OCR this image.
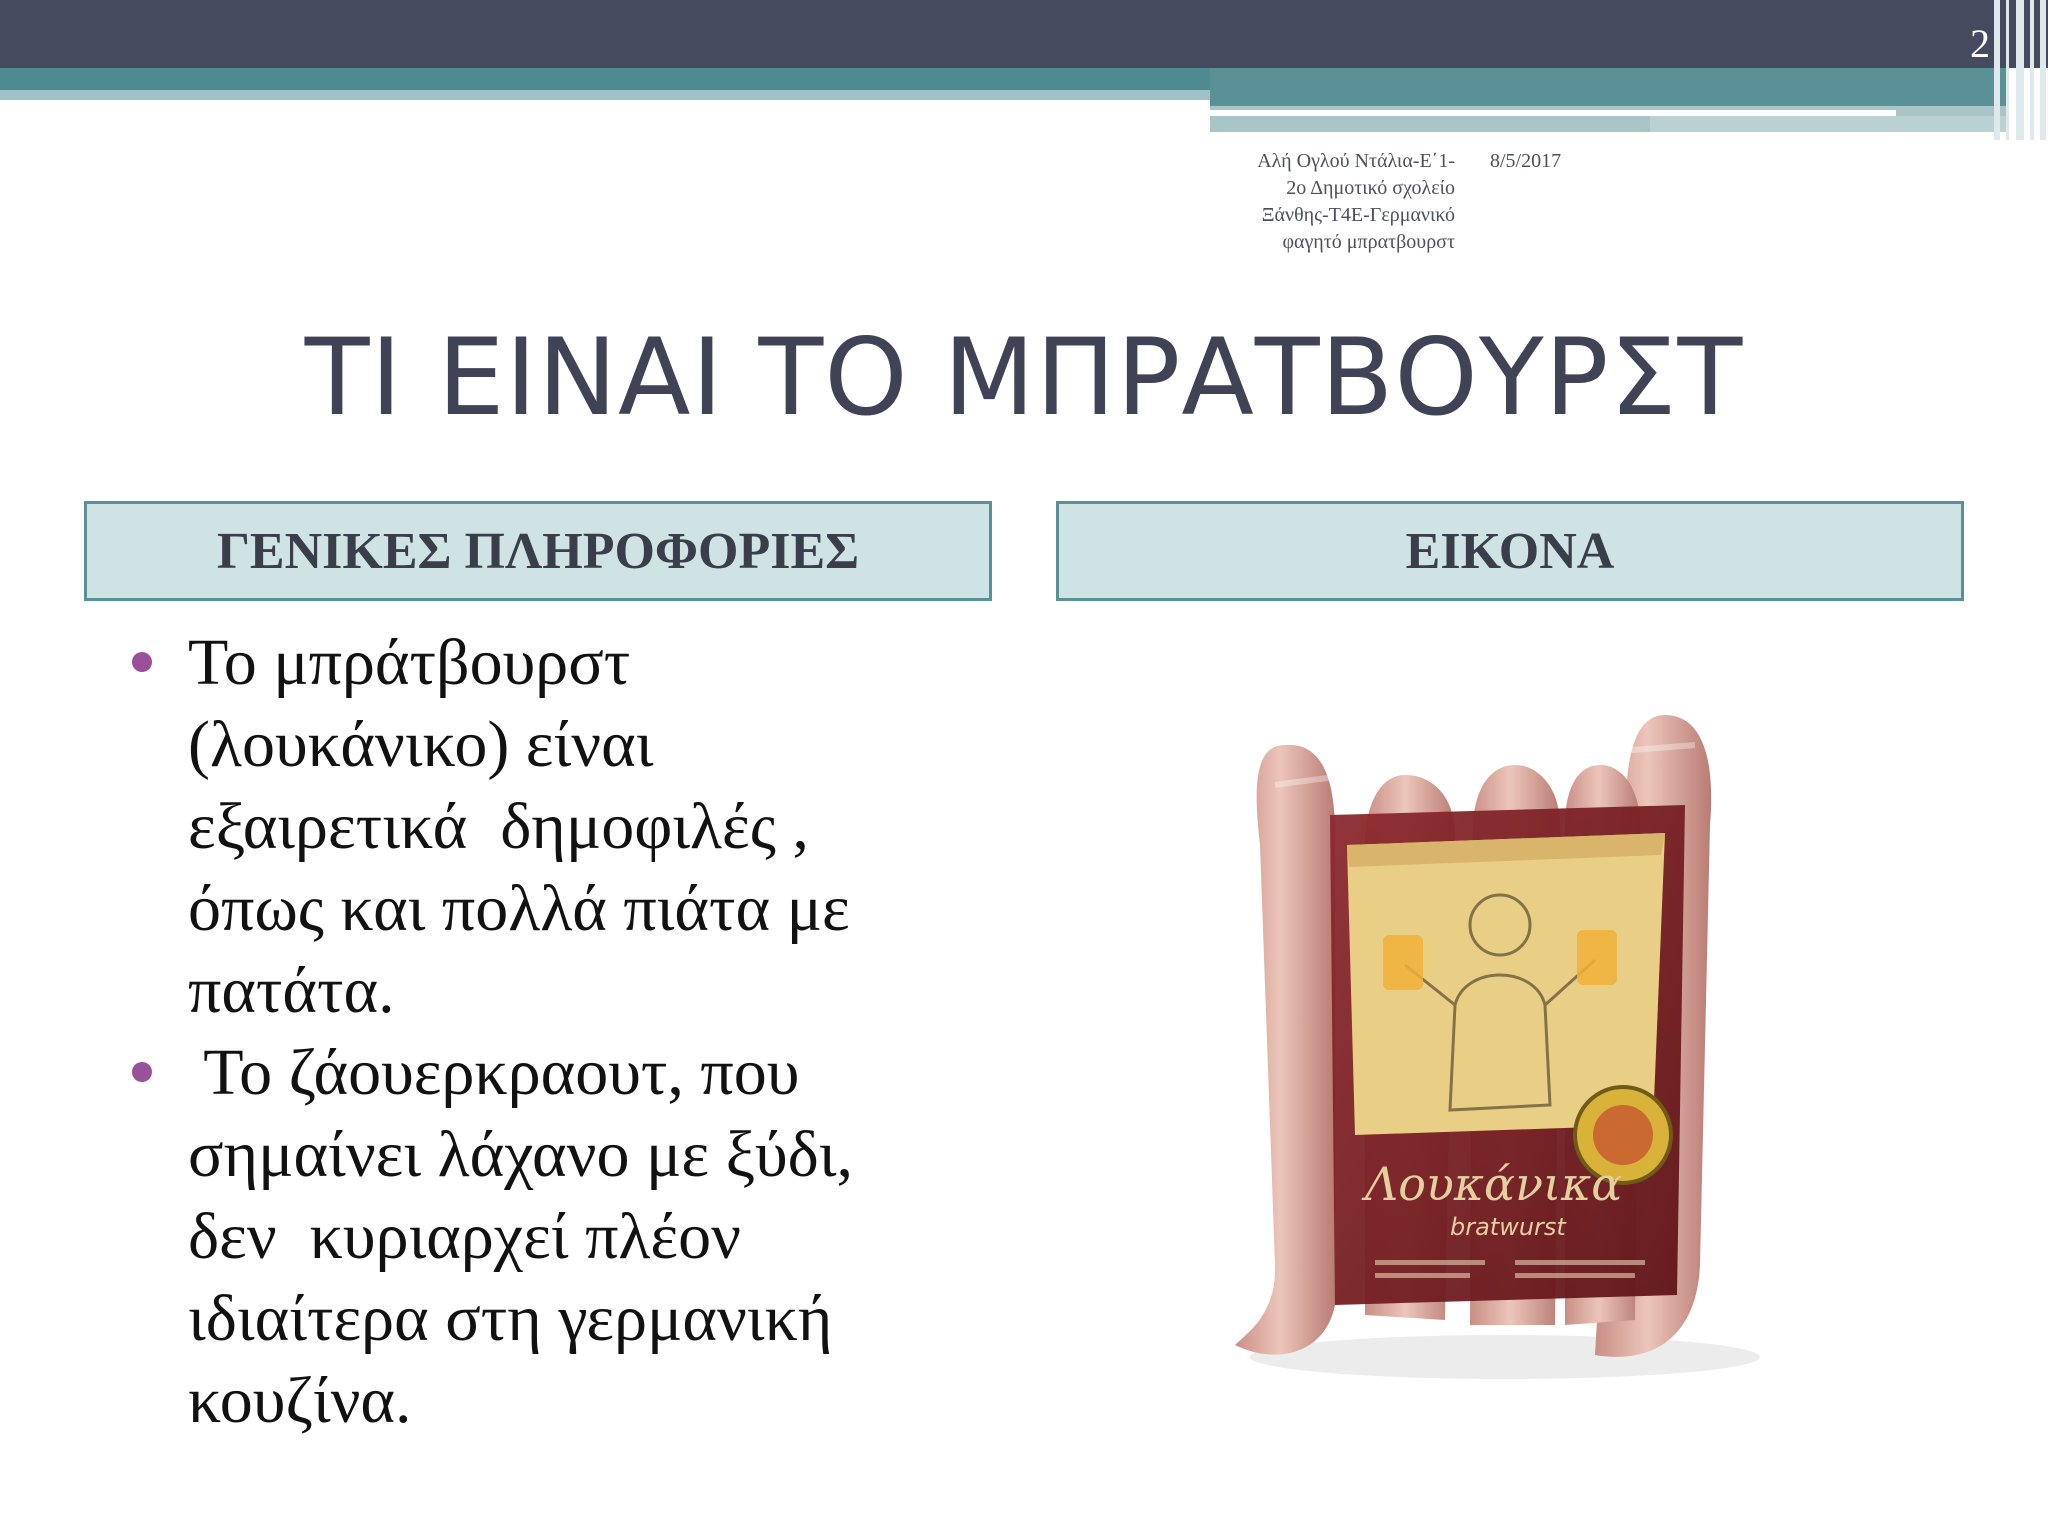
2
Αλή Ογλού Ντάλια-Ε΄1-
2ο Δημοτικό σχολείο
Ξάνθης-Τ4Ε-Γερμανικό
φαγητό μπρατβουρστ
8/5/2017
ΤΙ ΕΙΝΑΙ ΤΟ ΜΠΡΑΤΒΟΥΡΣΤ
ΓΕΝΙΚΕΣ ΠΛΗΡΟΦΟΡΙΕΣ	ΕΙΚΟΝΑ
Το μπράτβουρστ
(λουκάνικο) είναι
εξαιρετικά  δημοφιλές ,
όπως και πολλά πιάτα με
πατάτα.
Το ζάουερκραουτ, που
σημαίνει λάχανο με ξύδι,
δεν  κυριαρχεί πλέον
ιδιαίτερα στη γερμανική
κουζίνα.
Λουκάνικα
bratwurst
